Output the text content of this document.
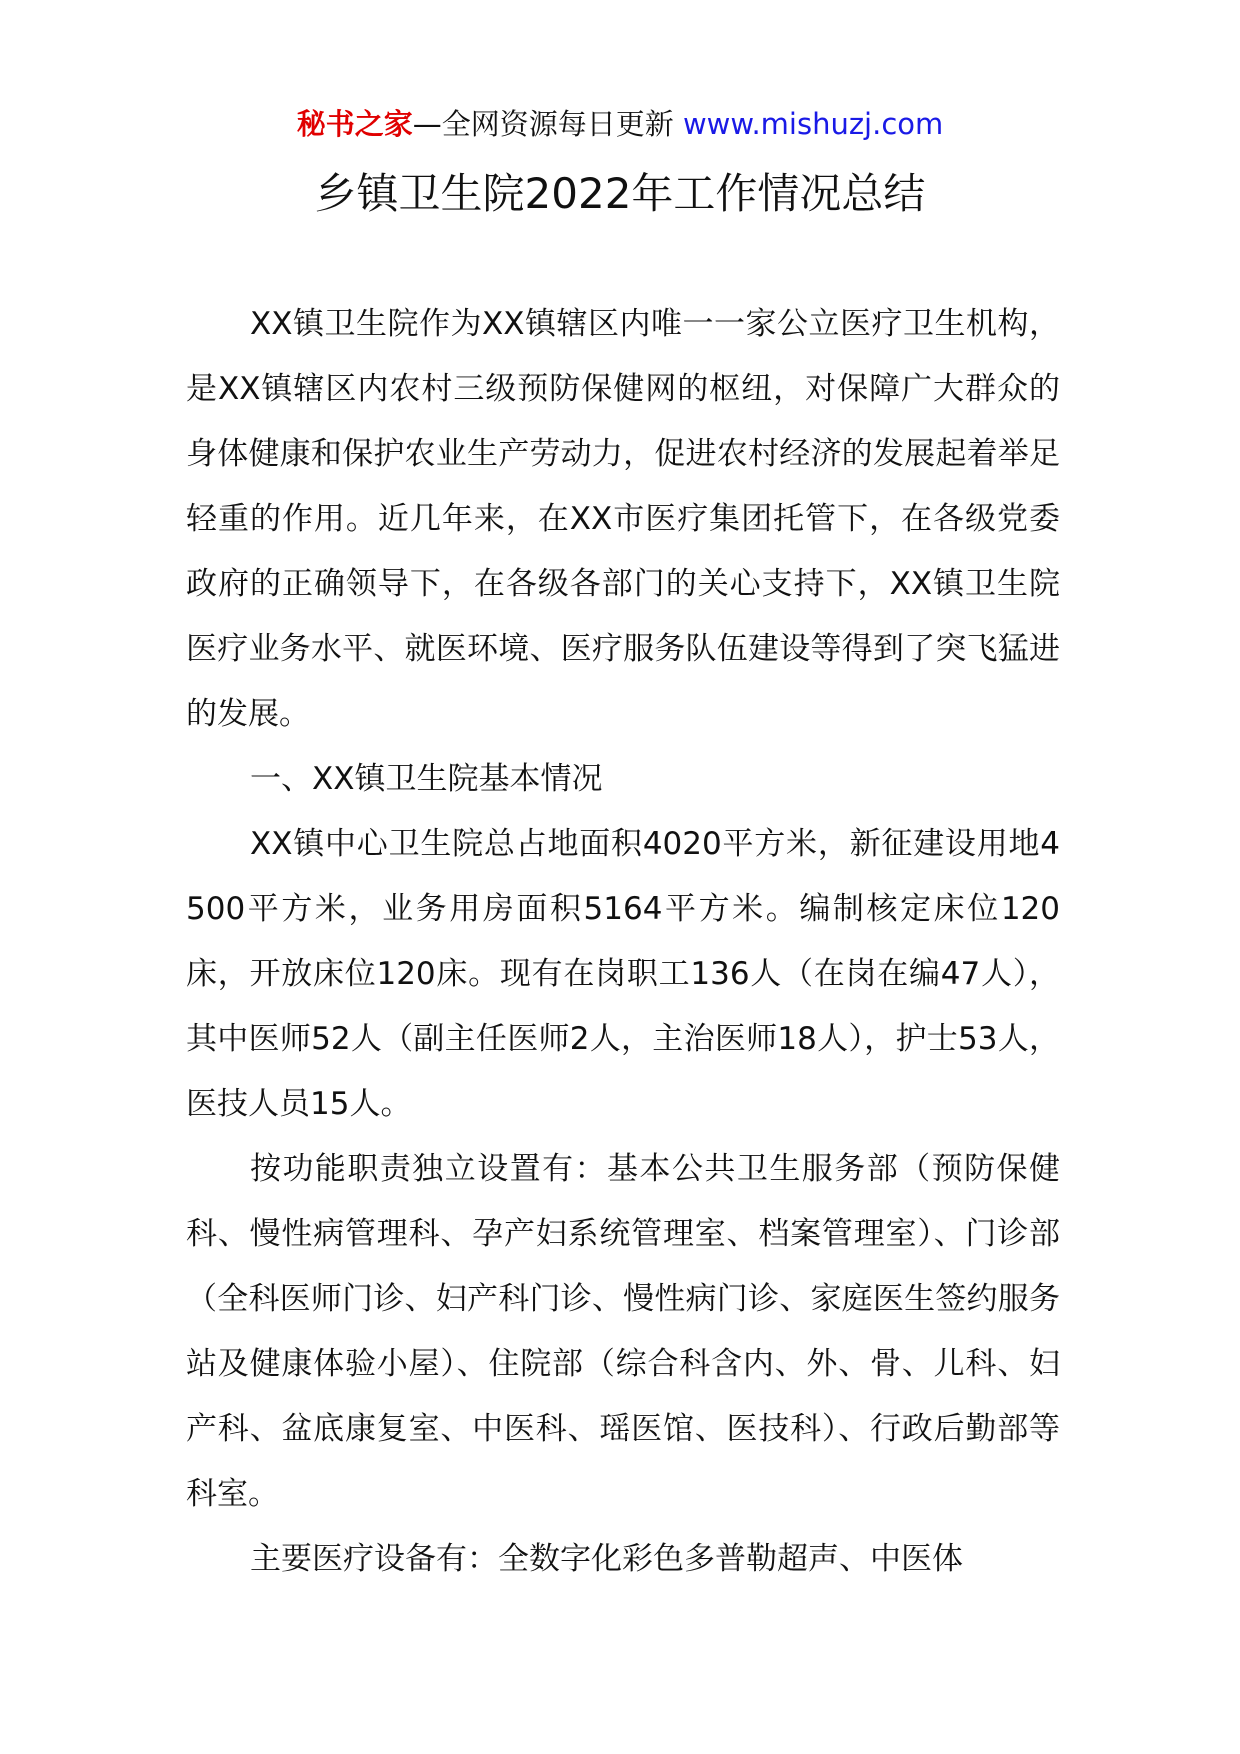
秘书之家—全网资源每日更新 www.mishuzj.com
乡镇卫生院2022年工作情况总结

XX镇卫生院作为XX镇辖区内唯一一家公立医疗卫生机构，是XX镇辖区内农村三级预防保健网的枢纽，对保障广大群众的身体健康和保护农业生产劳动力，促进农村经济的发展起着举足轻重的作用。近几年来，在XX市医疗集团托管下，在各级党委政府的正确领导下，在各级各部门的关心支持下，XX镇卫生院医疗业务水平、就医环境、医疗服务队伍建设等得到了突飞猛进的发展。

一、XX镇卫生院基本情况

XX镇中心卫生院总占地面积4020平方米，新征建设用地4500平方米，业务用房面积5164平方米。编制核定床位120床，开放床位120床。现有在岗职工136人（在岗在编47人），其中医师52人（副主任医师2人，主治医师18人），护士53人，医技人员15人。

按功能职责独立设置有：基本公共卫生服务部（预防保健科、慢性病管理科、孕产妇系统管理室、档案管理室）、门诊部（全科医师门诊、妇产科门诊、慢性病门诊、家庭医生签约服务站及健康体验小屋）、住院部（综合科含内、外、骨、儿科、妇产科、盆底康复室、中医科、瑶医馆、医技科）、行政后勤部等科室。

主要医疗设备有：全数字化彩色多普勒超声、中医体
